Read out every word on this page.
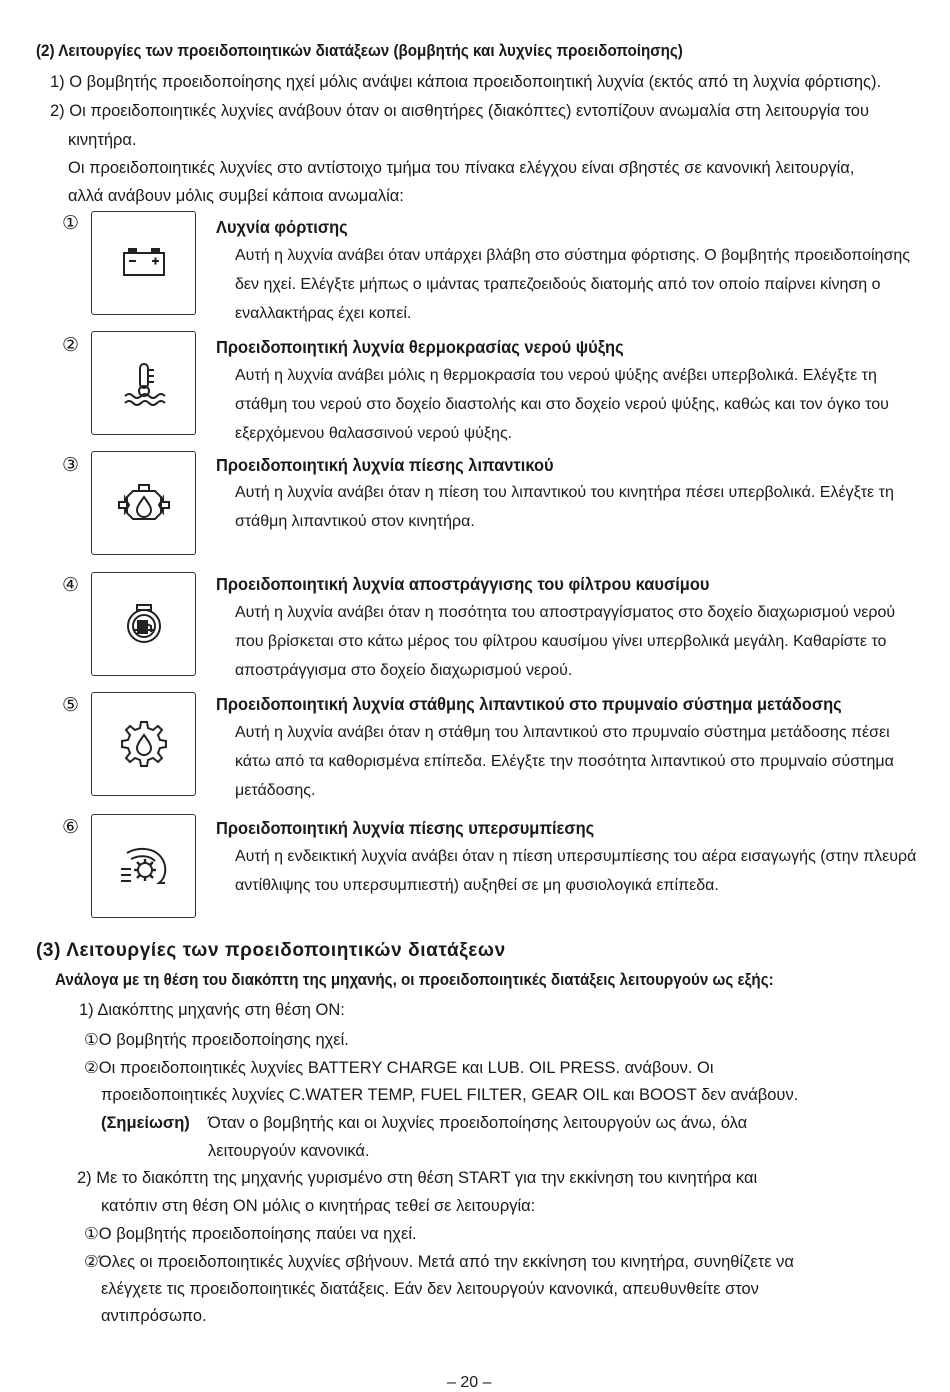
(2) Λειτουργίες των προειδοποιητικών διατάξεων (βομβητής και λυχνίες προειδοποίησης)
1) Ο βομβητής προειδοποίησης ηχεί μόλις ανάψει κάποια προειδοποιητική λυχνία (εκτός από τη λυχνία φόρτισης).
2) Οι προειδοποιητικές λυχνίες ανάβουν όταν οι αισθητήρες (διακόπτες) εντοπίζουν ανωμαλία στη λειτουργία του
κινητήρα.
Οι προειδοποιητικές λυχνίες στο αντίστοιχο τμήμα του πίνακα ελέγχου είναι σβηστές σε κανονική λειτουργία,
αλλά ανάβουν μόλις συμβεί κάποια ανωμαλία:
①	Λυχνία φόρτισης
Αυτή η λυχνία ανάβει όταν υπάρχει βλάβη στο σύστημα φόρτισης. Ο βομβητής προειδοποίησης δεν ηχεί. Ελέγξτε μήπως ο ιμάντας τραπεζοειδούς διατομής από τον οποίο παίρνει κίνηση ο εναλλακτήρας έχει κοπεί.
②	Προειδοποιητική λυχνία θερμοκρασίας νερού ψύξης
Αυτή η λυχνία ανάβει μόλις η θερμοκρασία του νερού ψύξης ανέβει υπερβολικά. Ελέγξτε τη στάθμη του νερού στο δοχείο διαστολής και στο δοχείο νερού ψύξης, καθώς και τον όγκο του εξερχόμενου θαλασσινού νερού ψύξης.
③	Προειδοποιητική λυχνία πίεσης λιπαντικού
Αυτή η λυχνία ανάβει όταν η πίεση του λιπαντικού του κινητήρα πέσει υπερβολικά. Ελέγξτε τη στάθμη λιπαντικού στον κινητήρα.
④	Προειδοποιητική λυχνία αποστράγγισης του φίλτρου καυσίμου
Αυτή η λυχνία ανάβει όταν η ποσότητα του αποστραγγίσματος στο δοχείο διαχωρισμού νερού που βρίσκεται στο κάτω μέρος του φίλτρου καυσίμου γίνει υπερβολικά μεγάλη. Καθαρίστε το αποστράγγισμα στο δοχείο διαχωρισμού νερού.
⑤	Προειδοποιητική λυχνία στάθμης λιπαντικού στο πρυμναίο σύστημα μετάδοσης
Αυτή η λυχνία ανάβει όταν η στάθμη του λιπαντικού στο πρυμναίο σύστημα μετάδοσης πέσει κάτω από τα καθορισμένα επίπεδα. Ελέγξτε την ποσότητα λιπαντικού στο πρυμναίο σύστημα μετάδοσης.
⑥	Προειδοποιητική λυχνία πίεσης υπερσυμπίεσης
Αυτή η ενδεικτική λυχνία ανάβει όταν η πίεση υπερσυμπίεσης του αέρα εισαγωγής (στην πλευρά αντίθλιψης του υπερσυμπιεστή) αυξηθεί σε μη φυσιολογικά επίπεδα.
(3) Λειτουργίες των προειδοποιητικών διατάξεων
Ανάλογα με τη θέση του διακόπτη της μηχανής, οι προειδοποιητικές διατάξεις λειτουργούν ως εξής:
1) Διακόπτης μηχανής στη θέση ON:
①Ο βομβητής προειδοποίησης ηχεί.
②Οι προειδοποιητικές λυχνίες BATTERY CHARGE και LUB. OIL PRESS. ανάβουν. Οι
προειδοποιητικές λυχνίες C.WATER TEMP, FUEL FILTER, GEAR OIL και BOOST δεν ανάβουν.
(Σημείωση) Όταν ο βομβητής και οι λυχνίες προειδοποίησης λειτουργούν ως άνω, όλα
λειτουργούν κανονικά.
2) Με το διακόπτη της μηχανής γυρισμένο στη θέση START για την εκκίνηση του κινητήρα και
κατόπιν στη θέση ON μόλις ο κινητήρας τεθεί σε λειτουργία:
①Ο βομβητής προειδοποίησης παύει να ηχεί.
②Όλες οι προειδοποιητικές λυχνίες σβήνουν. Μετά από την εκκίνηση του κινητήρα, συνηθίζετε να
ελέγχετε τις προειδοποιητικές διατάξεις. Εάν δεν λειτουργούν κανονικά, απευθυνθείτε στον
αντιπρόσωπο.
– 20 –
